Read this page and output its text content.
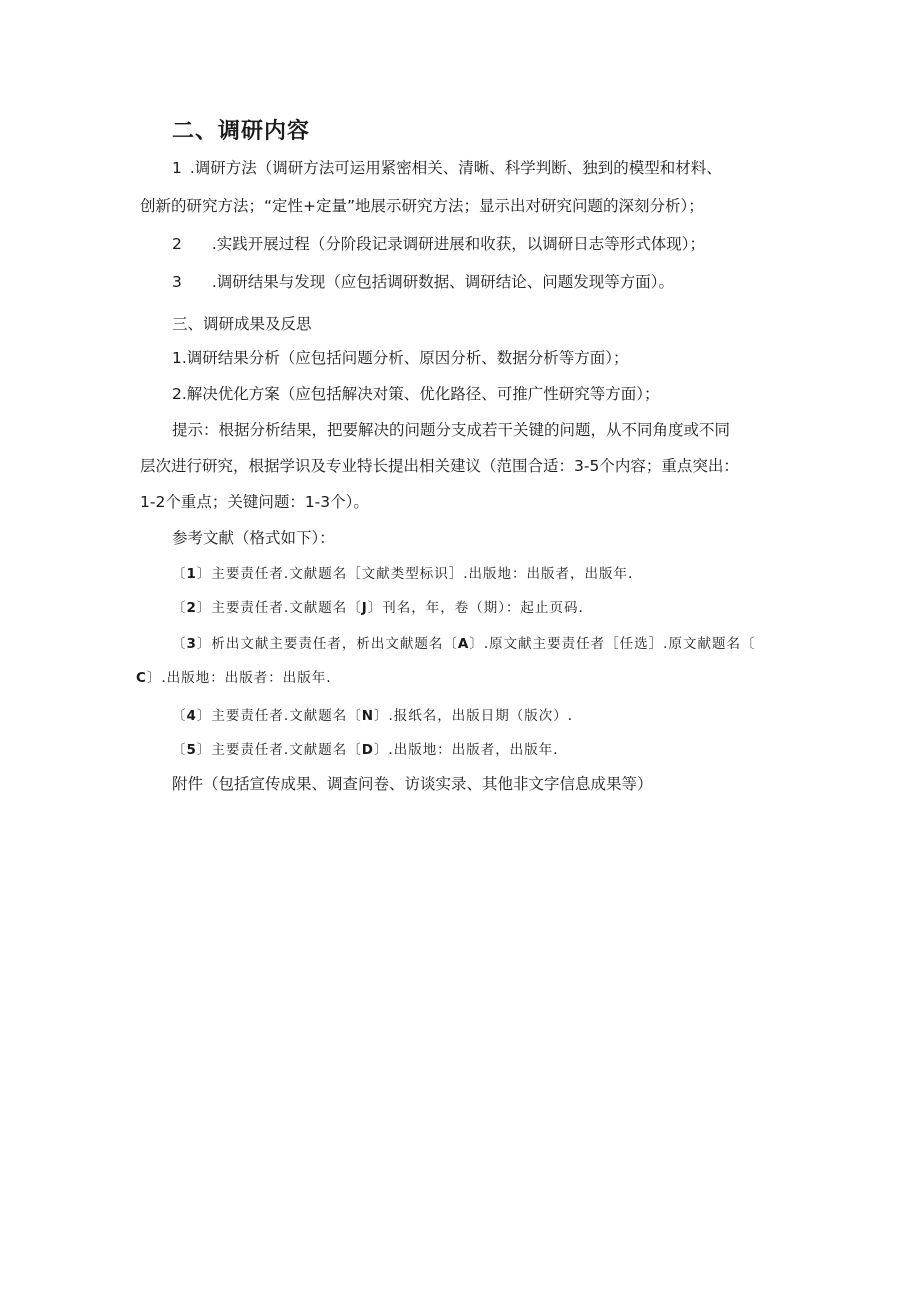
二、调研内容

1 .调研方法（调研方法可运用紧密相关、清晰、科学判断、独到的模型和材料、

创新的研究方法；“定性+定量”地展示研究方法；显示出对研究问题的深刻分析）；

2 .实践开展过程（分阶段记录调研进展和收获，以调研日志等形式体现）；

3 .调研结果与发现（应包括调研数据、调研结论、问题发现等方面）。

三、调研成果及反思

1.调研结果分析（应包括问题分析、原因分析、数据分析等方面）；

2.解决优化方案（应包括解决对策、优化路径、可推广性研究等方面）；

提示：根据分析结果，把要解决的问题分支成若干关键的问题，从不同角度或不同

层次进行研究，根据学识及专业特长提出相关建议（范围合适：3-5个内容；重点突出：

1-2个重点；关键问题：1-3个）。

参考文献（格式如下）：

〔1〕主要责任者.文献题名［文献类型标识］.出版地：出版者，出版年.

〔2〕主要责任者.文献题名〔J〕刊名，年，卷（期）：起止页码.

〔3〕析出文献主要责任者，析出文献题名〔A〕.原文献主要责任者［任选］.原文献题名〔

C〕.出版地：出版者：出版年.

〔4〕主要责任者.文献题名〔N〕.报纸名，出版日期（版次）.

〔5〕主要责任者.文献题名〔D〕.出版地：出版者，出版年.

附件（包括宣传成果、调查问卷、访谈实录、其他非文字信息成果等）
